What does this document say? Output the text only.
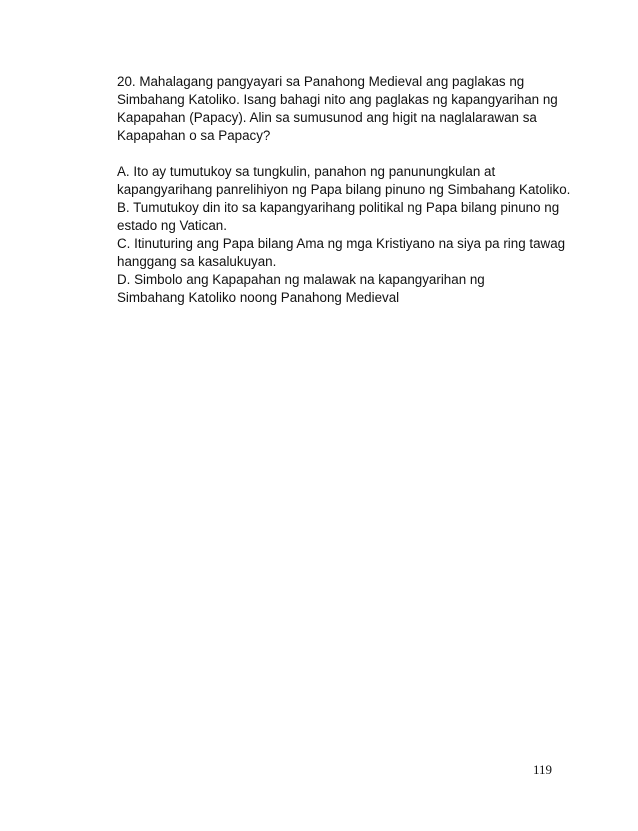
20. Mahalagang pangyayari sa Panahong Medieval ang paglakas ng
Simbahang Katoliko. Isang bahagi nito ang paglakas ng kapangyarihan ng
Kapapahan (Papacy). Alin sa sumusunod ang higit na naglalarawan sa
Kapapahan o sa Papacy?
A. Ito ay tumutukoy sa tungkulin, panahon ng panunungkulan at
kapangyarihang panrelihiyon ng Papa bilang pinuno ng Simbahang Katoliko.
B. Tumutukoy din ito sa kapangyarihang politikal ng Papa bilang pinuno ng
estado ng Vatican.
C. Itinuturing ang Papa bilang Ama ng mga Kristiyano na siya pa ring tawag
hanggang sa kasalukuyan.
D. Simbolo ang Kapapahan ng malawak na kapangyarihan ng
Simbahang Katoliko noong Panahong Medieval
119
